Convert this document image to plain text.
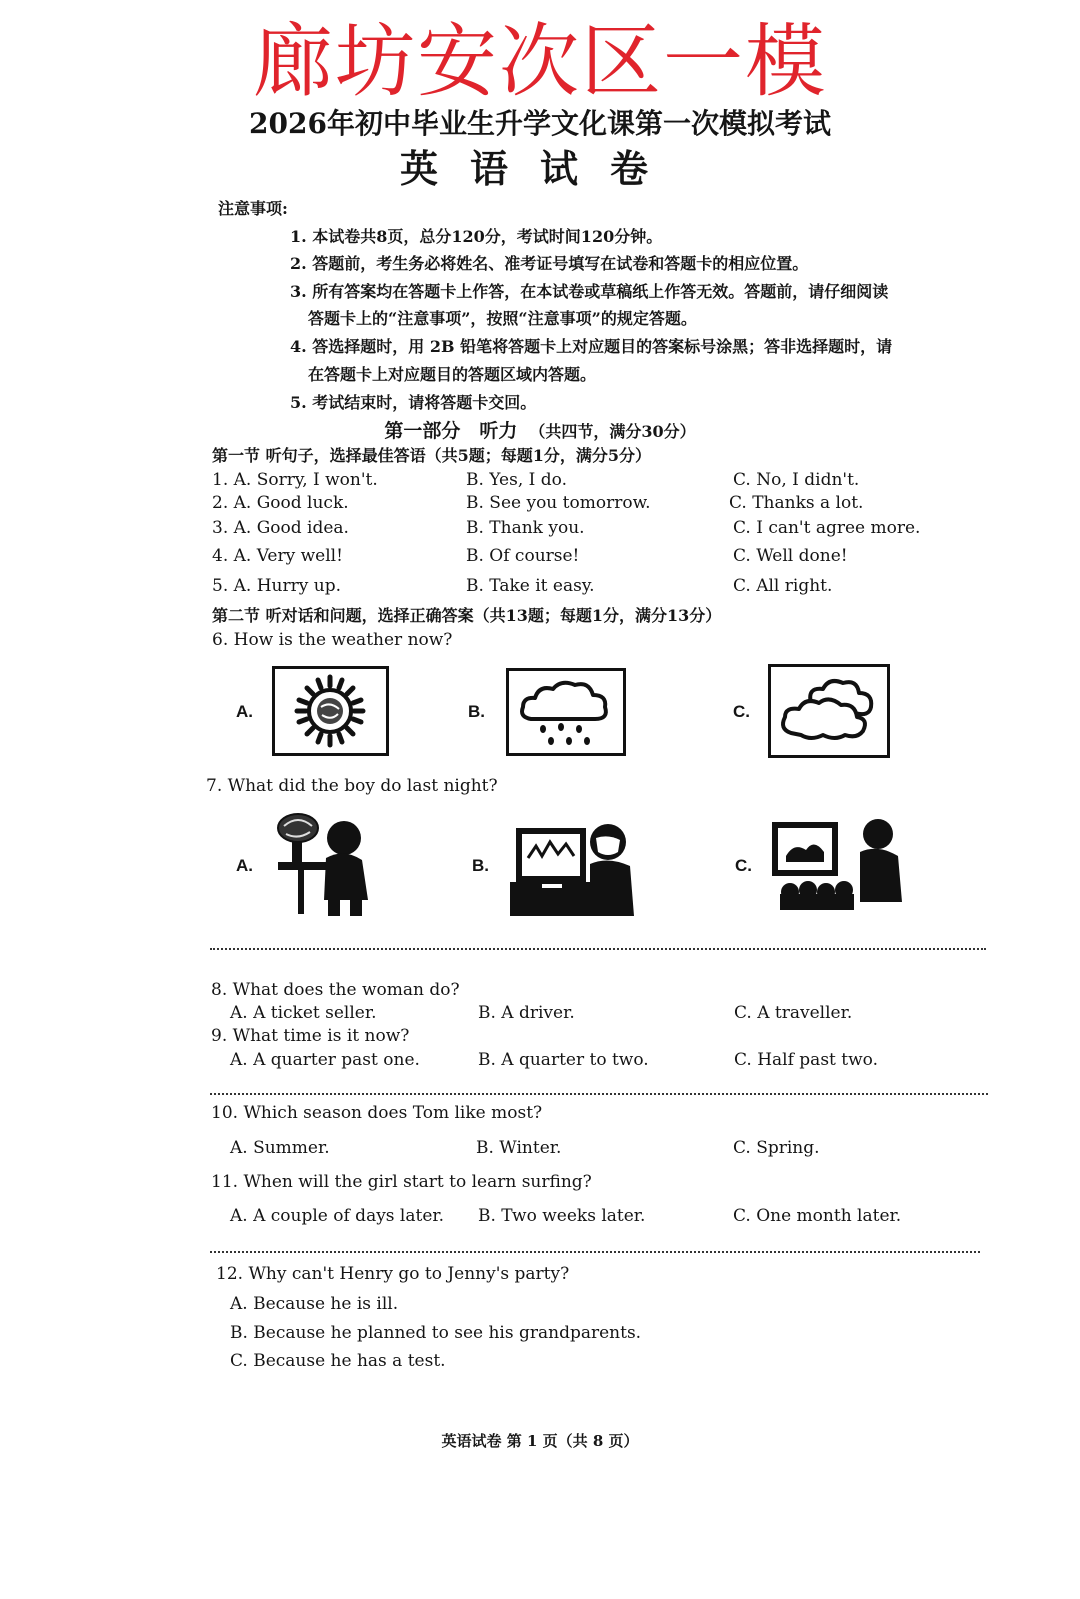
廊坊安次区一模
2026年初中毕业生升学文化课第一次模拟考试
英语试卷
注意事项:
1. 本试卷共8页，总分120分，考试时间120分钟。
2. 答题前，考生务必将姓名、准考证号填写在试卷和答题卡的相应位置。
3. 所有答案均在答题卡上作答，在本试卷或草稿纸上作答无效。答题前，请仔细阅读
答题卡上的“注意事项”，按照“注意事项”的规定答题。
4. 答选择题时，用 2B 铅笔将答题卡上对应题目的答案标号涂黑；答非选择题时，请
在答题卡上对应题目的答题区域内答题。
5. 考试结束时，请将答题卡交回。
第一部分　听力 （共四节，满分30分）
第一节 听句子，选择最佳答语（共5题；每题1分，满分5分）
1. A. Sorry, I won't.	B. Yes, I do.	C. No, I didn't.
2. A. Good luck.	B. See you tomorrow.	C. Thanks a lot.
3. A. Good idea.	B. Thank you.	C. I can't agree more.
4. A. Very well!	B. Of course!	C. Well done!
5. A. Hurry up.	B. Take it easy.	C. All right.
第二节 听对话和问题，选择正确答案（共13题；每题1分，满分13分）
6. How is the weather now?
A.	B.	C.
7. What did the boy do last night?
A.	B.	C.
8. What does the woman do?
A. A ticket seller.	B. A driver.	C. A traveller.
9. What time is it now?
A. A quarter past one.	B. A quarter to two.	C. Half past two.
10. Which season does Tom like most?
A. Summer.	B. Winter.	C. Spring.
11. When will the girl start to learn surfing?
A. A couple of days later. B. Two weeks later.	C. One month later.
12. Why can't Henry go to Jenny's party?
A. Because he is ill.
B. Because he planned to see his grandparents.
C. Because he has a test.
英语试卷 第 1 页（共 8 页）
